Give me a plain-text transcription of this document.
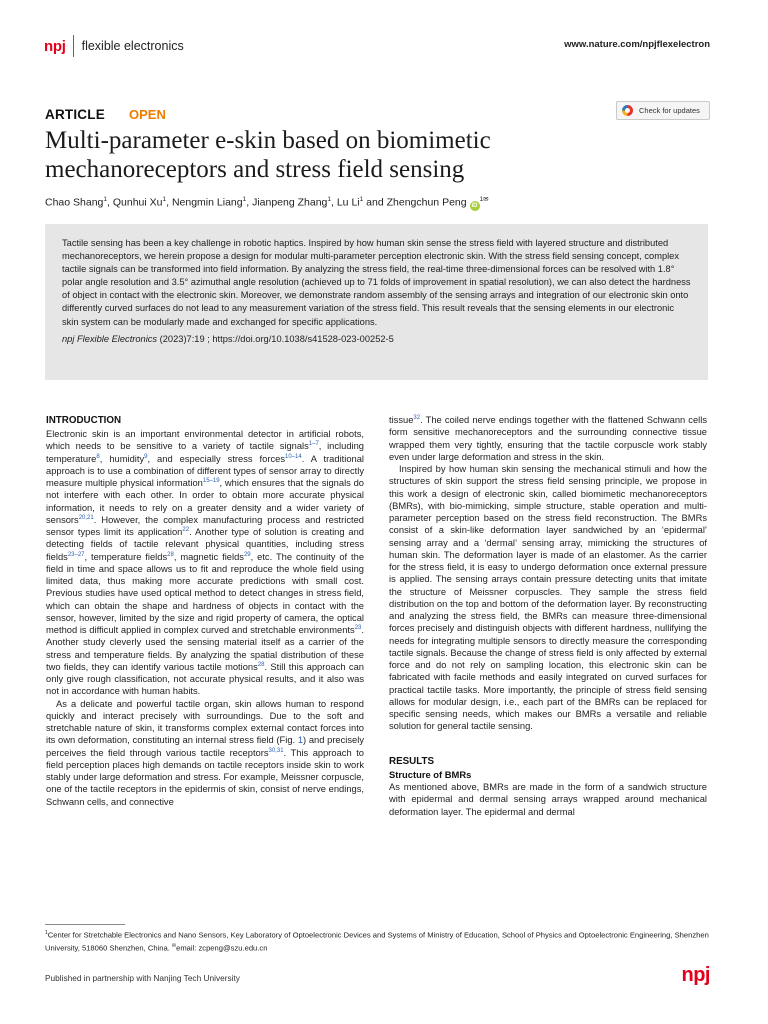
npj flexible electronics	www.nature.com/npjflexelectron
ARTICLE OPEN	Check for updates
Multi-parameter e-skin based on biomimetic mechanoreceptors and stress field sensing
Chao Shang$^1$, Qunhui Xu$^1$, Nengmin Liang$^1$, Jianpeng Zhang$^1$, Lu Li$^1$ and Zhengchun Peng $iD^{1✉}$

Tactile sensing has been a key challenge in robotic haptics. Inspired by how human skin sense the stress field with layered structure and distributed mechanoreceptors, we herein propose a design for modular multi-parameter perception electronic skin. With the stress field sensing concept, complex tactile signals can be transformed into field information. By analyzing the stress field, the real-time three-dimensional forces can be resolved with 1.8° polar angle resolution and 3.5° azimuthal angle resolution (achieved up to 71 folds of improvement in spatial resolution), we can also detect the hardness of object in contact with the electronic skin. Moreover, we demonstrate random assembly of the sensing arrays and integration of our electronic skin onto differently curved surfaces do not lead to any measurement variation of the stress field. This result reveals that the sensing elements in our electronic skin system can be modularly made and exchanged for specific applications.

npj Flexible Electronics (2023)7:19 ; https://doi.org/10.1038/s41528-023-00252-5

INTRODUCTION

Electronic skin is an important environmental detector in artificial robots, which needs to be sensitive to a variety of tactile signals$^{1-7}$, including temperature$^8$, humidity$^9$, and especially stress forces$^{10-14}$. A traditional approach is to use a combination of different types of sensor array to directly measure multiple physical information$^{15-19}$, which ensures that the signals do not interfere with each other. In order to obtain more accurate physical information, it needs to rely on a greater density and a wider variety of sensors$^{20,21}$. However, the complex manufacturing process and restricted sensor types limit its application$^{22}$. Another type of solution is creating and detecting fields of tactile relevant physical quantities, including stress fields$^{23-27}$, temperature fields$^{28}$, magnetic fields$^{29}$, etc. The continuity of the field in time and space allows us to fit and reproduce the whole field using limited data, thus making more accurate predictions with small cost. Previous studies have used optical method to detect changes in stress field, which can obtain the shape and hardness of objects in contact with the sensor, however, limited by the size and rigid property of camera, the optical method is difficult applied in complex curved and stretchable environments$^{23}$. Another study cleverly used the sensing material itself as a carrier of the stress and temperature fields. By analyzing the spatial distribution of these two fields, they can identify various tactile motions$^{28}$. Still this approach can only give rough classification, not accurate physical results, and it also was not in accordance with human habits.

As a delicate and powerful tactile organ, skin allows human to respond quickly and interact precisely with surroundings. Due to the soft and stretchable nature of skin, it transforms complex external contact forces into its own deformation, constituting an internal stress field (Fig. 1) and precisely perceives the field through various tactile receptors$^{30,31}$. This approach to field perception places high demands on tactile receptors inside skin to work stably under large deformation and stress. For example, Meissner corpuscle, one of the tactile receptors in the epidermis of skin, consist of nerve endings, Schwann cells, and connective

tissue$^{32}$. The coiled nerve endings together with the flattened Schwann cells form sensitive mechanoreceptors and the surrounding connective tissue wrapped them very tightly, ensuring that the tactile corpuscle work stably even under large deformation and stress in the skin.

Inspired by how human skin sensing the mechanical stimuli and how the structures of skin support the stress field sensing principle, we propose in this work a design of electronic skin, called biomimetic mechanoreceptors (BMRs), with bio-mimicking, simple structure, stable operation and multi-parameter perception based on the stress field reconstruction. The BMRs consist of a skin-like deformation layer sandwiched by an ‘epidermal’ sensing array and a ‘dermal’ sensing array, mimicking the structures of human skin. The deformation layer is made of an elastomer. As the carrier for the stress field, it is easy to undergo deformation once external pressure is applied. The sensing arrays contain pressure detecting units that imitate the structure of Meissner corpuscles. They sample the stress field distribution on the top and bottom of the deformation layer. By reconstructing and analyzing the stress field, the BMRs can measure three-dimensional forces precisely and distinguish objects with different hardness, nullifying the needs for integrating multiple sensors to directly measure the corresponding tactile signals. Because the change of stress field is only affected by external force and do not rely on sampling location, this electronic skin can be fabricated with facile methods and easily integrated on curved surfaces for practical tactile tasks. More importantly, the principle of stress field sensing allows for modular design, i.e., each part of the BMRs can be replaced for specific sensing needs, which makes our BMRs a versatile and reliable solution for general tactile sensing.

RESULTS
Structure of BMRs

As mentioned above, BMRs are made in the form of a sandwich structure with epidermal and dermal sensing arrays wrapped around mechanical deformation layer. The epidermal and dermal

$^1$Center for Stretchable Electronics and Nano Sensors, Key Laboratory of Optoelectronic Devices and Systems of Ministry of Education, School of Physics and Optoelectronic Engineering, Shenzhen University, 518060 Shenzhen, China. ✉email: zcpeng@szu.edu.cn
Published in partnership with Nanjing Tech University	npj
